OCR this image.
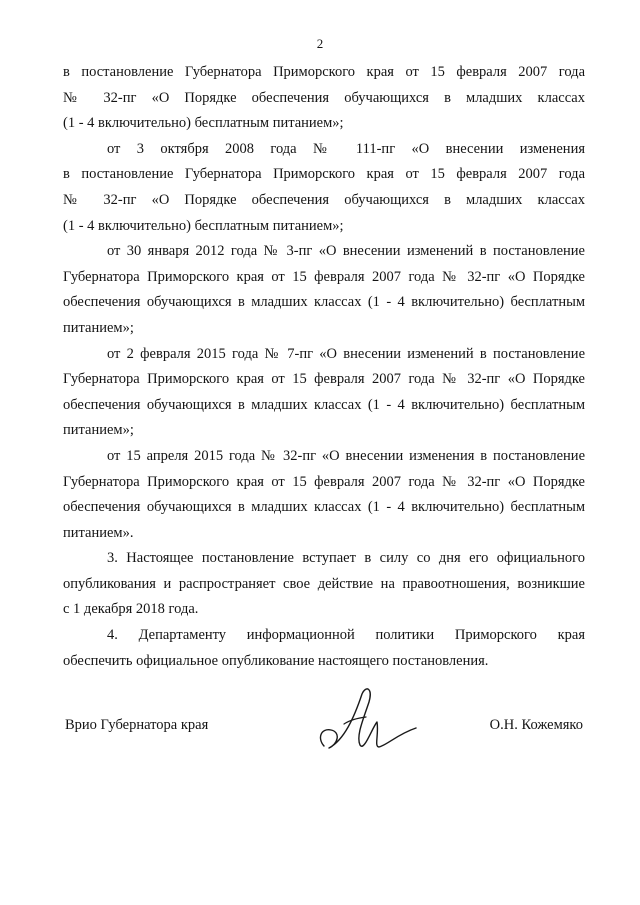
2
в постановление Губернатора Приморского края от 15 февраля 2007 года
№ 32-пг «О Порядке обеспечения обучающихся в младших классах
(1 - 4 включительно) бесплатным питанием»;
от 3 октября 2008 года № 111-пг «О внесении изменения
в постановление Губернатора Приморского края от 15 февраля 2007 года
№ 32-пг «О Порядке обеспечения обучающихся в младших классах
(1 - 4 включительно) бесплатным питанием»;
от 30 января 2012 года № 3-пг «О внесении изменений в постановление
Губернатора Приморского края от 15 февраля 2007 года № 32-пг «О Порядке
обеспечения обучающихся в младших классах (1 - 4 включительно) бесплатным
питанием»;
от 2 февраля 2015 года № 7-пг «О внесении изменений в постановление
Губернатора Приморского края от 15 февраля 2007 года № 32-пг «О Порядке
обеспечения обучающихся в младших классах (1 - 4 включительно) бесплатным
питанием»;
от 15 апреля 2015 года № 32-пг «О внесении изменения в постановление
Губернатора Приморского края от 15 февраля 2007 года № 32-пг «О Порядке
обеспечения обучающихся в младших классах (1 - 4 включительно) бесплатным
питанием».
3. Настоящее постановление вступает в силу со дня его официального
опубликования и распространяет свое действие на правоотношения, возникшие
с 1 декабря 2018 года.
4. Департаменту информационной политики Приморского края
обеспечить официальное опубликование настоящего постановления.
Врио Губернатора края	О.Н. Кожемяко
